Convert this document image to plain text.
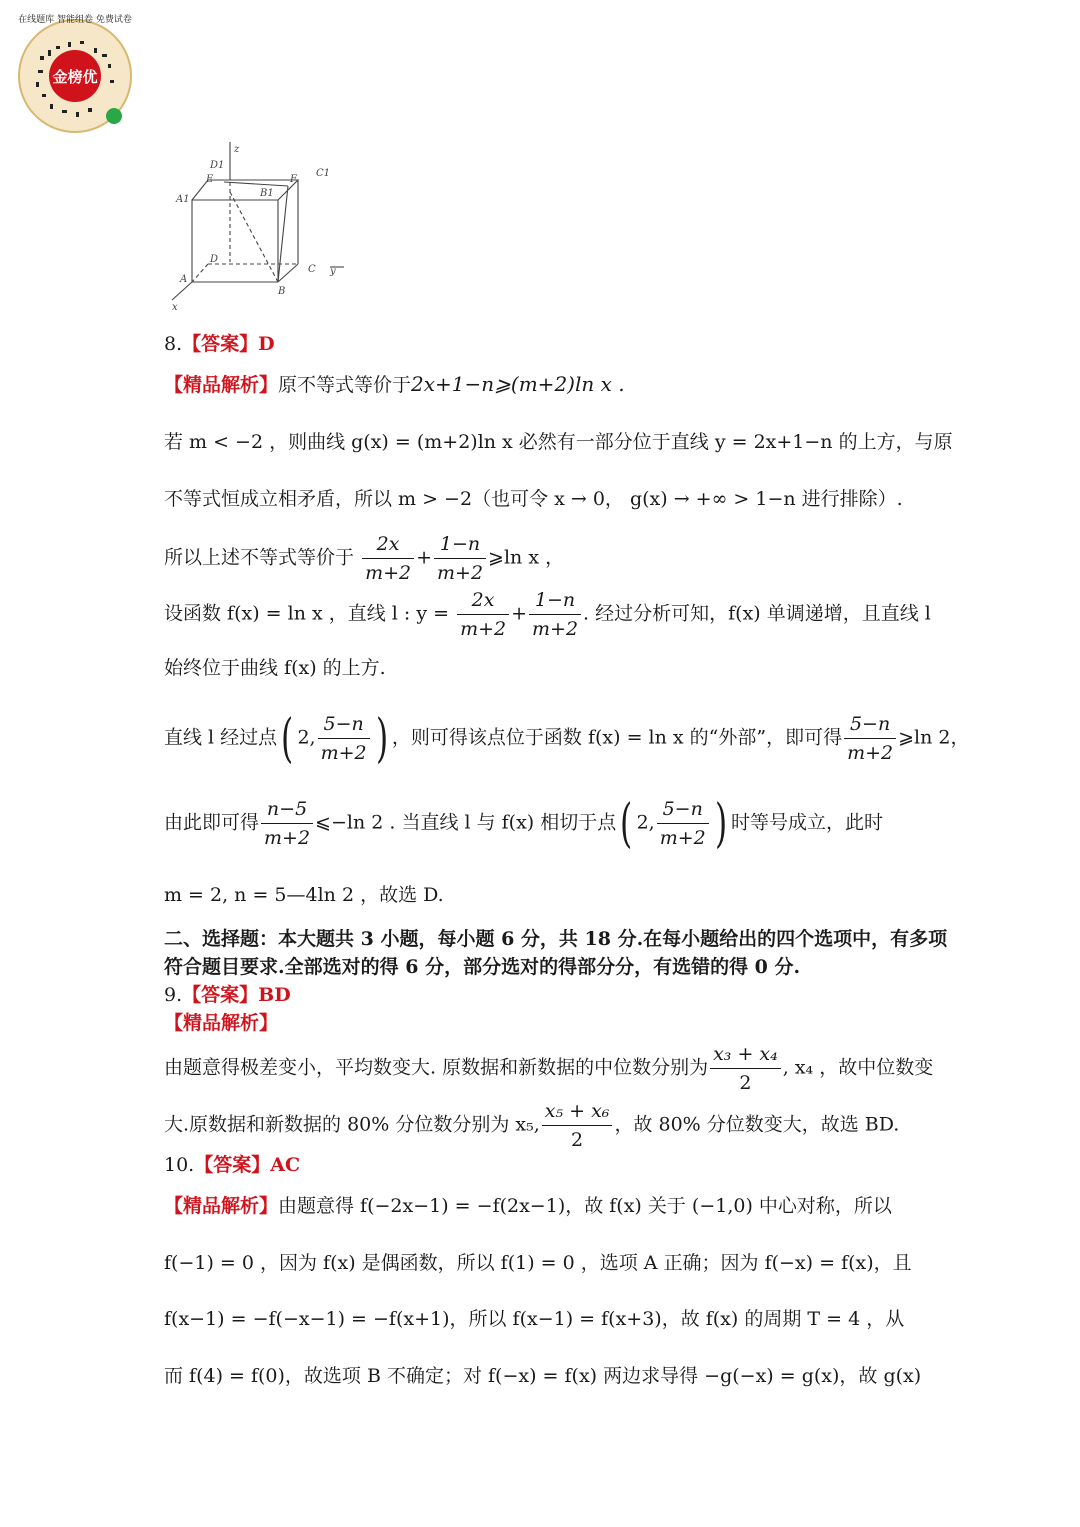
金榜优
在线题库 智能组卷 免费试卷
z
D1
C1
E	F
B1
A1
D
C y
A
B
x
8.【答案】D
【精品解析】原不等式等价于2x+1−n⩾(m+2)ln x .
若 m < −2 ，则曲线 g(x) = (m+2)ln x 必然有一部分位于直线 y = 2x+1−n 的上方，与原
不等式恒成立相矛盾，所以 m > −2（也可令 x → 0， g(x) → +∞ > 1−n 进行排除）.
所以上述不等式等价于 $\frac{2x}{m+2} + \frac{1-n}{m+2}$ ⩾ln x ，
设函数 f(x) = ln x ，直线 l : $y = \frac{2x}{m+2} + \frac{1-n}{m+2}$ . 经过分析可知，f(x) 单调递增，且直线 l
始终位于曲线 f(x) 的上方.
直线 l 经过点( 2, $\frac{5-n}{m+2}$ ) ，则可得该点位于函数 f(x) = ln x 的“外部”，即可得 $\frac{5-n}{m+2}$ ⩾ln 2，
由此即可得 $\frac{n-5}{m+2}$ ⩽−ln 2 . 当直线 l 与 f(x) 相切于点( 2, $\frac{5-n}{m+2}$ ) 时等号成立，此时
m = 2, n = 5—4ln 2 ，故选 D.
二、选择题：本大题共 3 小题，每小题 6 分，共 18 分.在每小题给出的四个选项中，有多项
符合题目要求.全部选对的得 6 分，部分选对的得部分分，有选错的得 0 分.
9.【答案】BD
【精品解析】
由题意得极差变小，平均数变大. 原数据和新数据的中位数分别为 $\frac{\text{x₃ + x₄}}{2}$ , x₄ ，故中位数变
大.原数据和新数据的 80% 分位数分别为 x₅, $\frac{\text{x₅ + x₆}}{2}$ ，故 80% 分位数变大，故选 BD.
10.【答案】AC
【精品解析】由题意得 f(−2x−1) = −f(2x−1)，故 f(x) 关于 (−1,0) 中心对称，所以
f(−1) = 0 ，因为 f(x) 是偶函数，所以 f(1) = 0 ，选项 A 正确；因为 f(−x) = f(x)，且
f(x−1) = −f(−x−1) = −f(x+1)，所以 f(x−1) = f(x+3)，故 f(x) 的周期 T = 4 ，从
而 f(4) = f(0)，故选项 B 不确定；对 f(−x) = f(x) 两边求导得 −g(−x) = g(x)，故 g(x)
